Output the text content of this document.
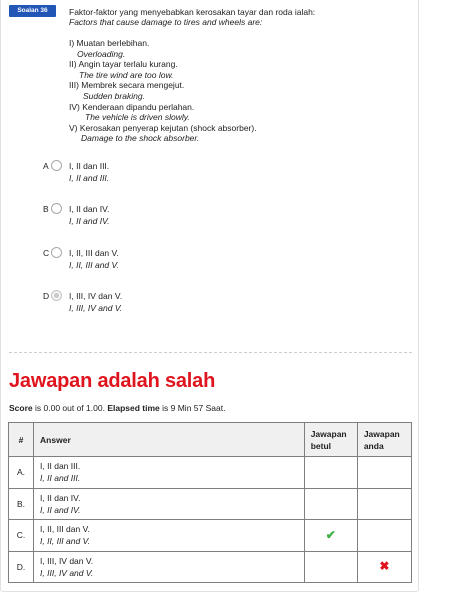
Soalan 36	Faktor-faktor yang menyebabkan kerosakan tayar dan roda ialah:
Factors that cause damage to tires and wheels are:
I) Muatan berlebihan.
Overloading.
II) Angin tayar terlalu kurang.
The tire wind are too low.
III) Membrek secara mengejut.
Sudden braking.
IV) Kenderaan dipandu perlahan.
The vehicle is driven slowly.
V) Kerosakan penyerap kejutan (shock absorber).
Damage to the shock absorber.
A I, II dan III.
I, II and III.
B I, II dan IV.
I, II and IV.
C I, II, III dan V.
I, II, III and V.
D I, III, IV dan V.
I, III, IV and V.
Jawapan adalah salah
Score is 0.00 out of 1.00. Elapsed time is 9 Min 57 Saat.
#	Answer	Jawapan betul	Jawapan anda
A.	I, II dan III.
I, II and III.		

B.	I, II dan IV.
I, II and IV.		

C.	I, II, III dan V.
I, II, III and V.	✔	
D.	I, III, IV dan V.
I, III, IV and V.		✖
